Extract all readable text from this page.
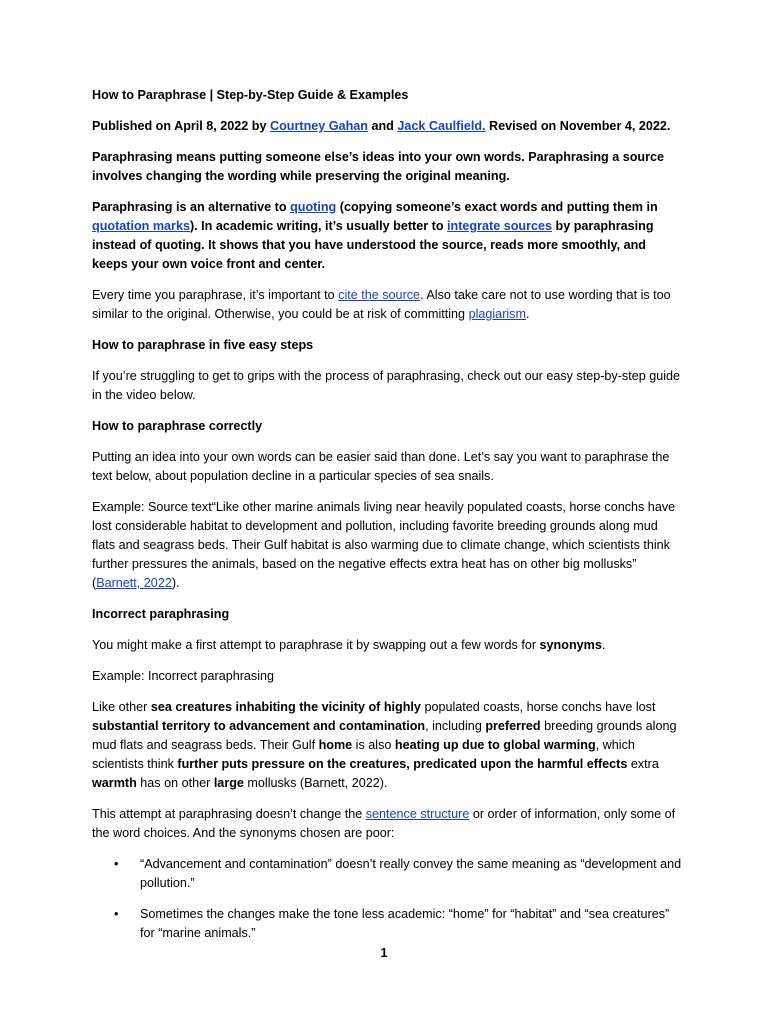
How to Paraphrase | Step-by-Step Guide & Examples

Published on April 8, 2022 by Courtney Gahan and Jack Caulfield. Revised on November 4, 2022.

Paraphrasing means putting someone else’s ideas into your own words. Paraphrasing a source involves changing the wording while preserving the original meaning.

Paraphrasing is an alternative to quoting (copying someone’s exact words and putting them in quotation marks). In academic writing, it’s usually better to integrate sources by paraphrasing instead of quoting. It shows that you have understood the source, reads more smoothly, and keeps your own voice front and center.

Every time you paraphrase, it’s important to cite the source. Also take care not to use wording that is too similar to the original. Otherwise, you could be at risk of committing plagiarism.

How to paraphrase in five easy steps

If you’re struggling to get to grips with the process of paraphrasing, check out our easy step-by-step guide in the video below.

How to paraphrase correctly

Putting an idea into your own words can be easier said than done. Let’s say you want to paraphrase the text below, about population decline in a particular species of sea snails.

Example: Source text“Like other marine animals living near heavily populated coasts, horse conchs have lost considerable habitat to development and pollution, including favorite breeding grounds along mud flats and seagrass beds. Their Gulf habitat is also warming due to climate change, which scientists think further pressures the animals, based on the negative effects extra heat has on other big mollusks” (Barnett, 2022).

Incorrect paraphrasing

You might make a first attempt to paraphrase it by swapping out a few words for synonyms.

Example: Incorrect paraphrasing

Like other sea creatures inhabiting the vicinity of highly populated coasts, horse conchs have lost substantial territory to advancement and contamination, including preferred breeding grounds along mud flats and seagrass beds. Their Gulf home is also heating up due to global warming, which scientists think further puts pressure on the creatures, predicated upon the harmful effects extra warmth has on other large mollusks (Barnett, 2022).

This attempt at paraphrasing doesn’t change the sentence structure or order of information, only some of the word choices. And the synonyms chosen are poor:

• “Advancement and contamination” doesn’t really convey the same meaning as “development and pollution.”
• Sometimes the changes make the tone less academic: “home” for “habitat” and “sea creatures” for “marine animals.”
1
